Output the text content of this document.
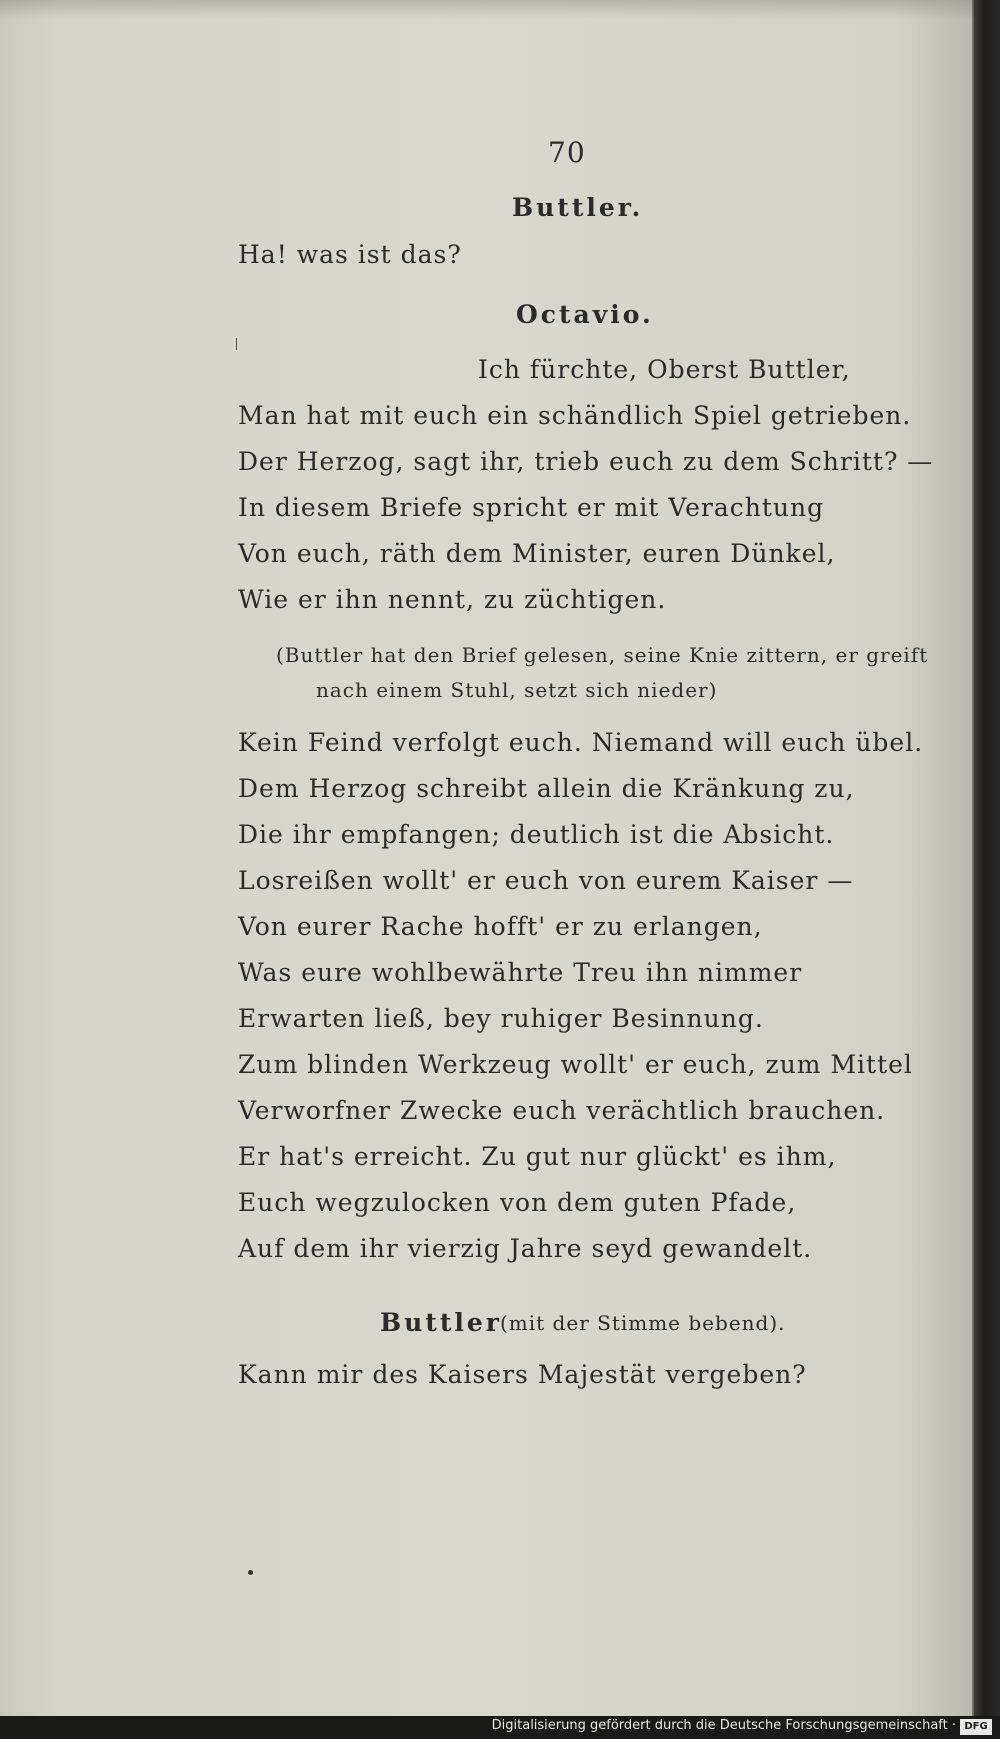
70
Buttler.
Ha! was ist das?
Octavio.
Ich fürchte, Oberst Buttler,
Man hat mit euch ein schändlich Spiel getrieben.
Der Herzog, sagt ihr, trieb euch zu dem Schritt? —
In diesem Briefe spricht er mit Verachtung
Von euch, räth dem Minister, euren Dünkel,
Wie er ihn nennt, zu züchtigen.
(Buttler hat den Brief gelesen, seine Knie zittern, er greift
nach einem Stuhl, setzt sich nieder)
Kein Feind verfolgt euch. Niemand will euch übel.
Dem Herzog schreibt allein die Kränkung zu,
Die ihr empfangen; deutlich ist die Absicht.
Losreißen wollt' er euch von eurem Kaiser —
Von eurer Rache hofft' er zu erlangen,
Was eure wohlbewährte Treu ihn nimmer
Erwarten ließ, bey ruhiger Besinnung.
Zum blinden Werkzeug wollt' er euch, zum Mittel
Verworfner Zwecke euch verächtlich brauchen.
Er hat's erreicht. Zu gut nur glückt' es ihm,
Euch wegzulocken von dem guten Pfade,
Auf dem ihr vierzig Jahre seyd gewandelt.
Buttler
(mit der Stimme bebend).
Kann mir des Kaisers Majestät vergeben?
Digitalisierung gefördert durch die Deutsche Forschungsgemeinschaft · DFG
